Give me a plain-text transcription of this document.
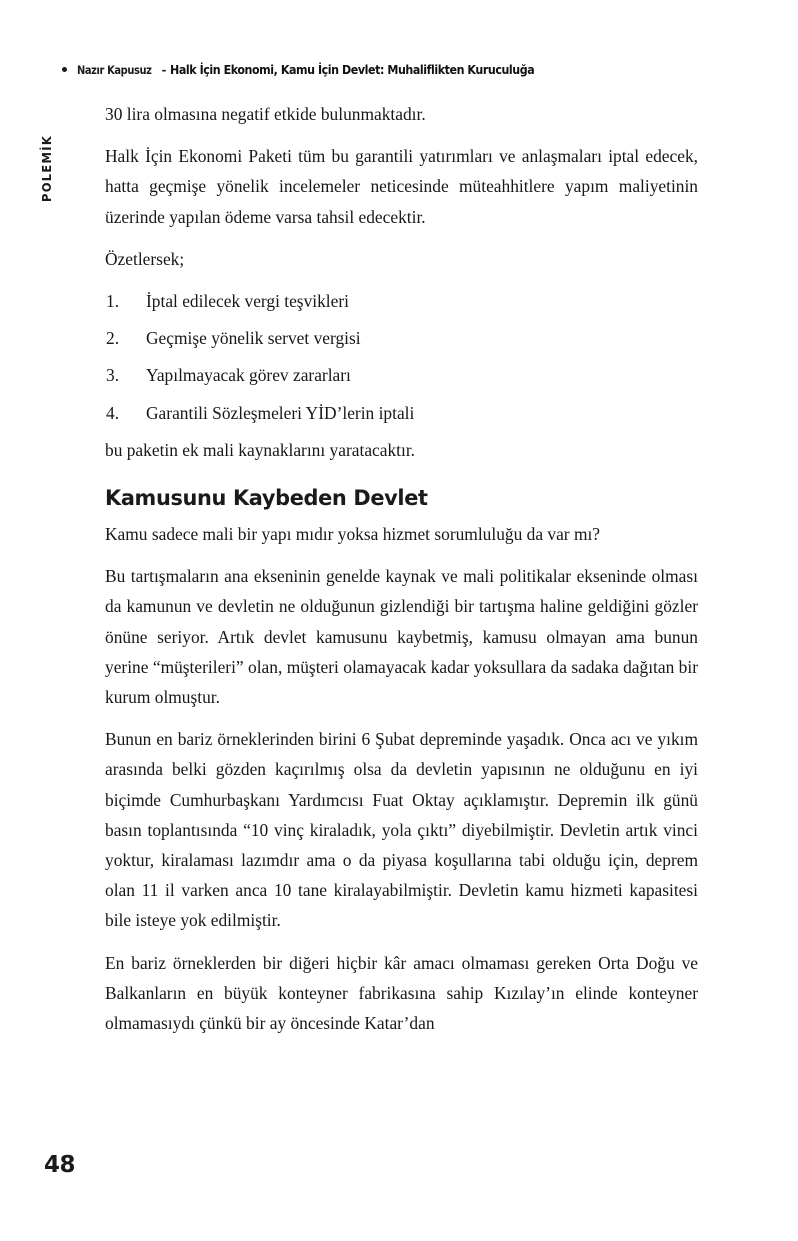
Nazır Kapusuz - Halk İçin Ekonomi, Kamu İçin Devlet: Muhaliflikten Kuruculuğa
POLEMİK

30 lira olmasına negatif etkide bulunmaktadır.

Halk İçin Ekonomi Paketi tüm bu garantili yatırımları ve anlaşmaları iptal edecek, hatta geçmişe yönelik incelemeler neticesinde müteahhitlere yapım maliyetinin üzerinde yapılan ödeme varsa tahsil edecektir.

Özetlersek;

1. İptal edilecek vergi teşvikleri
2. Geçmişe yönelik servet vergisi
3. Yapılmayacak görev zararları
4. Garantili Sözleşmeleri YİD’lerin iptali

bu paketin ek mali kaynaklarını yaratacaktır.

Kamusunu Kaybeden Devlet

Kamu sadece mali bir yapı mıdır yoksa hizmet sorumluluğu da var mı?

Bu tartışmaların ana ekseninin genelde kaynak ve mali politikalar ekseninde olması da kamunun ve devletin ne olduğunun gizlendiği bir tartışma haline geldiğini gözler önüne seriyor. Artık devlet kamusunu kaybetmiş, kamusu olmayan ama bunun yerine “müşterileri” olan, müşteri olamayacak kadar yoksullara da sadaka dağıtan bir kurum olmuştur.

Bunun en bariz örneklerinden birini 6 Şubat depreminde yaşadık. Onca acı ve yıkım arasında belki gözden kaçırılmış olsa da devletin yapısının ne olduğunu en iyi biçimde Cumhurbaşkanı Yardımcısı Fuat Oktay açıklamıştır. Depremin ilk günü basın toplantısında “10 vinç kiraladık, yola çıktı” diyebilmiştir. Devletin artık vinci yoktur, kiralaması lazımdır ama o da piyasa koşullarına tabi olduğu için, deprem olan 11 il varken anca 10 tane kiralayabilmiştir. Devletin kamu hizmeti kapasitesi bile isteye yok edilmiştir.

En bariz örneklerden bir diğeri hiçbir kâr amacı olmaması gereken Orta Doğu ve Balkanların en büyük konteyner fabrikasına sahip Kızılay’ın elinde konteyner olmamasıydı çünkü bir ay öncesinde Katar’dan

48
